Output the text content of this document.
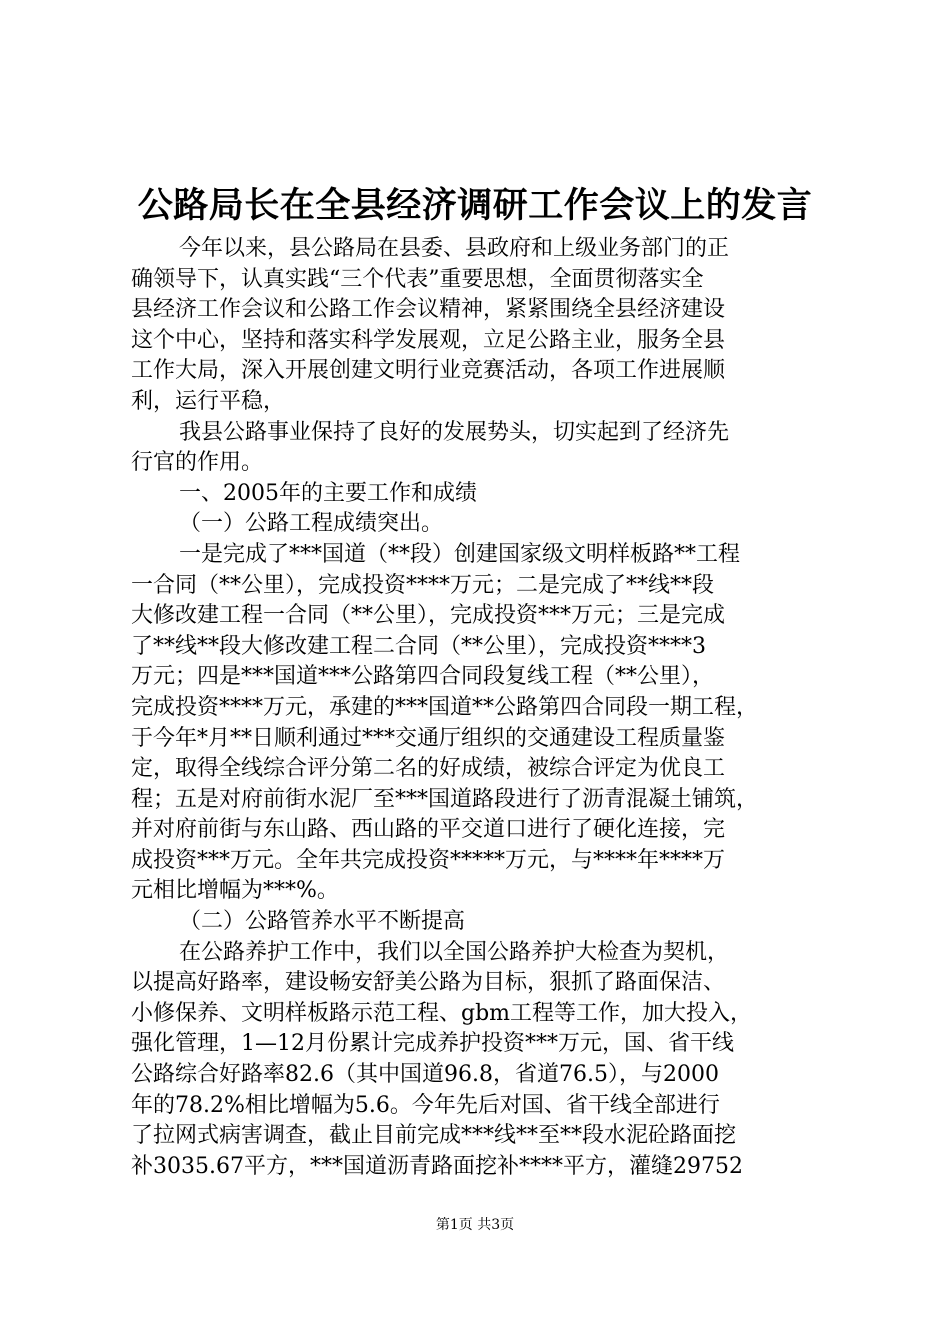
公路局长在全县经济调研工作会议上的发言
今年以来，县公路局在县委、县政府和上级业务部门的正
确领导下，认真实践“三个代表”重要思想，全面贯彻落实全
县经济工作会议和公路工作会议精神，紧紧围绕全县经济建设
这个中心，坚持和落实科学发展观，立足公路主业，服务全县
工作大局，深入开展创建文明行业竞赛活动，各项工作进展顺
利，运行平稳，
我县公路事业保持了良好的发展势头，切实起到了经济先
行官的作用。
一、2005年的主要工作和成绩
（一）公路工程成绩突出。
一是完成了***国道（**段）创建国家级文明样板路**工程
一合同（**公里），完成投资****万元；二是完成了**线**段
大修改建工程一合同（**公里），完成投资***万元；三是完成
了**线**段大修改建工程二合同（**公里），完成投资****3
万元；四是***国道***公路第四合同段复线工程（**公里），
完成投资****万元，承建的***国道**公路第四合同段一期工程，
于今年*月**日顺利通过***交通厅组织的交通建设工程质量鉴
定，取得全线综合评分第二名的好成绩，被综合评定为优良工
程；五是对府前街水泥厂至***国道路段进行了沥青混凝土铺筑，
并对府前街与东山路、西山路的平交道口进行了硬化连接，完
成投资***万元。全年共完成投资*****万元，与****年****万
元相比增幅为***%。
（二）公路管养水平不断提高
在公路养护工作中，我们以全国公路养护大检查为契机，
以提高好路率，建设畅安舒美公路为目标，狠抓了路面保洁、
小修保养、文明样板路示范工程、gbm工程等工作，加大投入，
强化管理，1—12月份累计完成养护投资***万元，国、省干线
公路综合好路率82.6（其中国道96.8，省道76.5），与2000
年的78.2%相比增幅为5.6。今年先后对国、省干线全部进行
了拉网式病害调查，截止目前完成***线**至**段水泥砼路面挖
补3035.67平方，***国道沥青路面挖补****平方，灌缝29752
第1页 共3页
